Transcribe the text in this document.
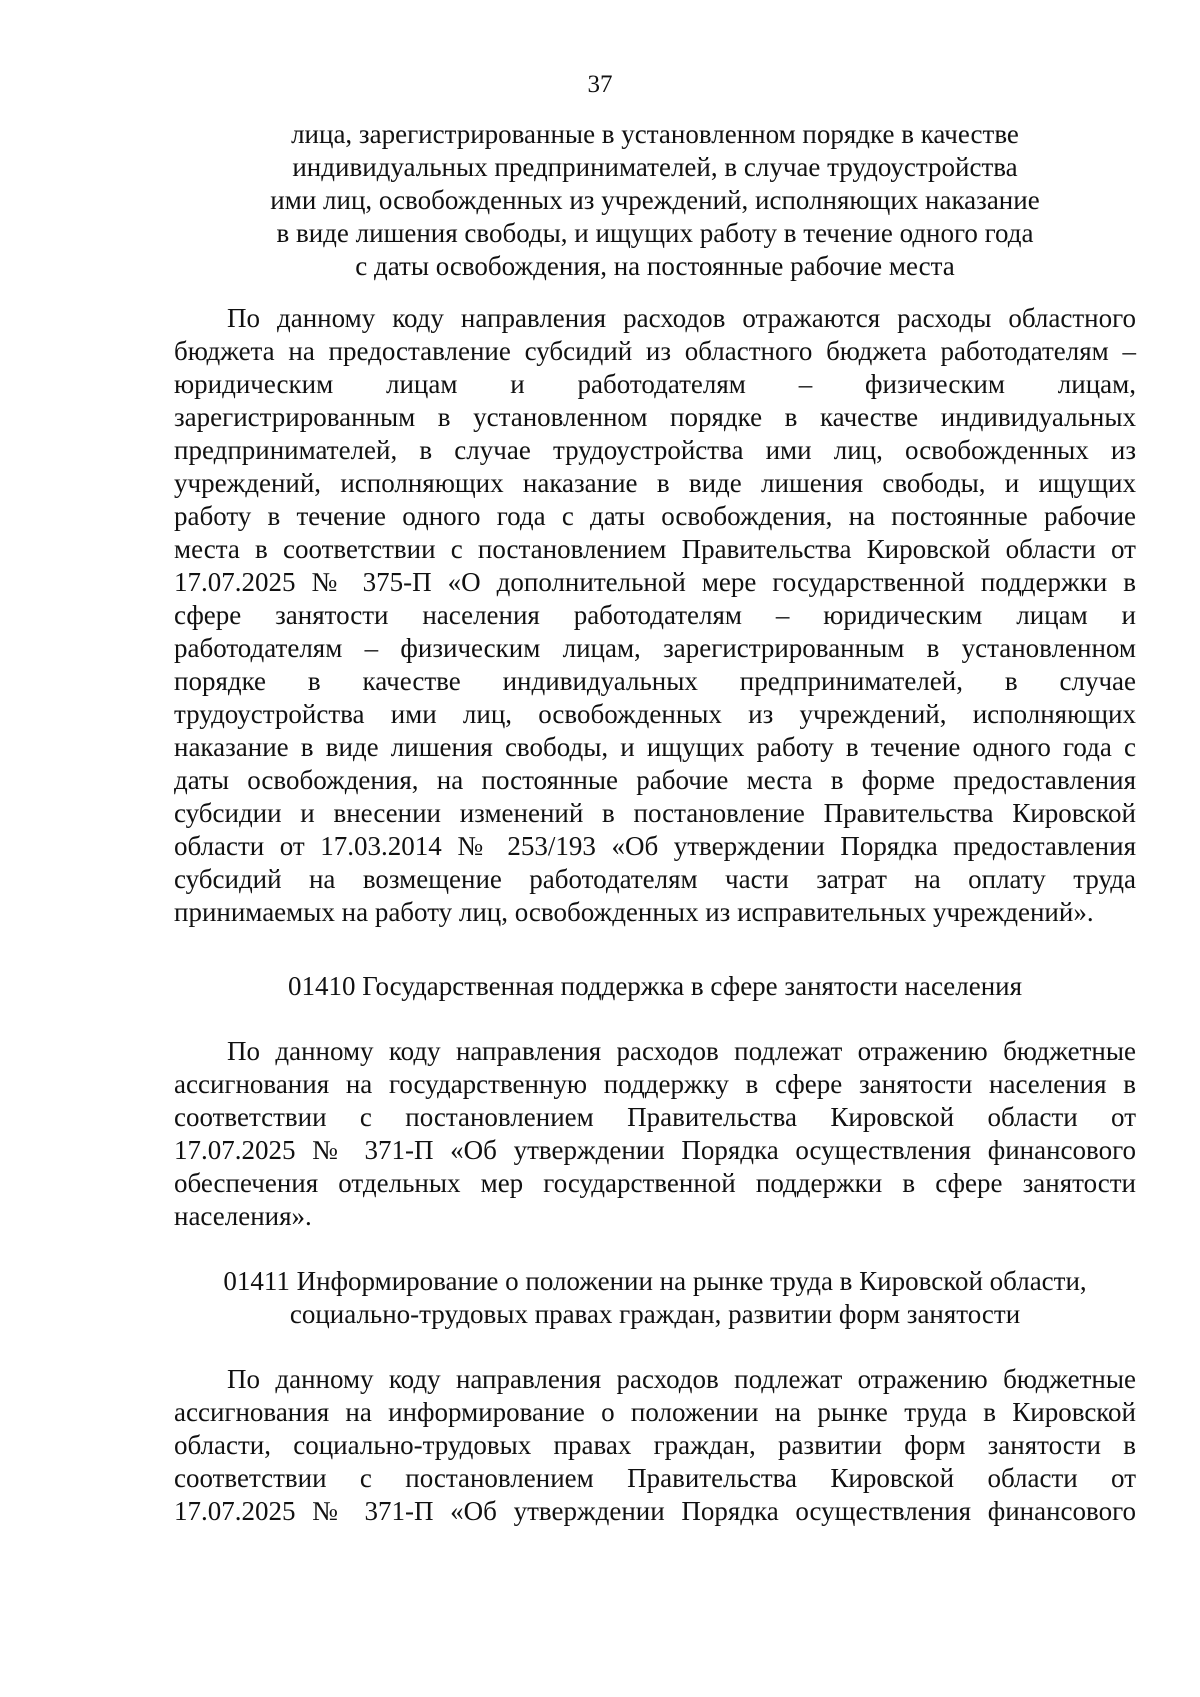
37
лица, зарегистрированные в установленном порядке в качестве
индивидуальных предпринимателей, в случае трудоустройства
ими лиц, освобожденных из учреждений, исполняющих наказание
в виде лишения свободы, и ищущих работу в течение одного года
с даты освобождения, на постоянные рабочие места
По данному коду направления расходов отражаются расходы областного
бюджета на предоставление субсидий из областного бюджета работодателям –
юридическим лицам и работодателям – физическим лицам,
зарегистрированным в установленном порядке в качестве индивидуальных
предпринимателей, в случае трудоустройства ими лиц, освобожденных из
учреждений, исполняющих наказание в виде лишения свободы, и ищущих
работу в течение одного года с даты освобождения, на постоянные рабочие
места в соответствии с постановлением Правительства Кировской области от
17.07.2025 № 375-П «О дополнительной мере государственной поддержки в
сфере занятости населения работодателям – юридическим лицам и
работодателям – физическим лицам, зарегистрированным в установленном
порядке в качестве индивидуальных предпринимателей, в случае
трудоустройства ими лиц, освобожденных из учреждений, исполняющих
наказание в виде лишения свободы, и ищущих работу в течение одного года с
даты освобождения, на постоянные рабочие места в форме предоставления
субсидии и внесении изменений в постановление Правительства Кировской
области от 17.03.2014 № 253/193 «Об утверждении Порядка предоставления
субсидий на возмещение работодателям части затрат на оплату труда
принимаемых на работу лиц, освобожденных из исправительных учреждений».
01410 Государственная поддержка в сфере занятости населения
По данному коду направления расходов подлежат отражению бюджетные
ассигнования на государственную поддержку в сфере занятости населения в
соответствии с постановлением Правительства Кировской области от
17.07.2025 № 371-П «Об утверждении Порядка осуществления финансового
обеспечения отдельных мер государственной поддержки в сфере занятости
населения».
01411 Информирование о положении на рынке труда в Кировской области,
социально-трудовых правах граждан, развитии форм занятости
По данному коду направления расходов подлежат отражению бюджетные
ассигнования на информирование о положении на рынке труда в Кировской
области, социально-трудовых правах граждан, развитии форм занятости в
соответствии с постановлением Правительства Кировской области от
17.07.2025 № 371-П «Об утверждении Порядка осуществления финансового
